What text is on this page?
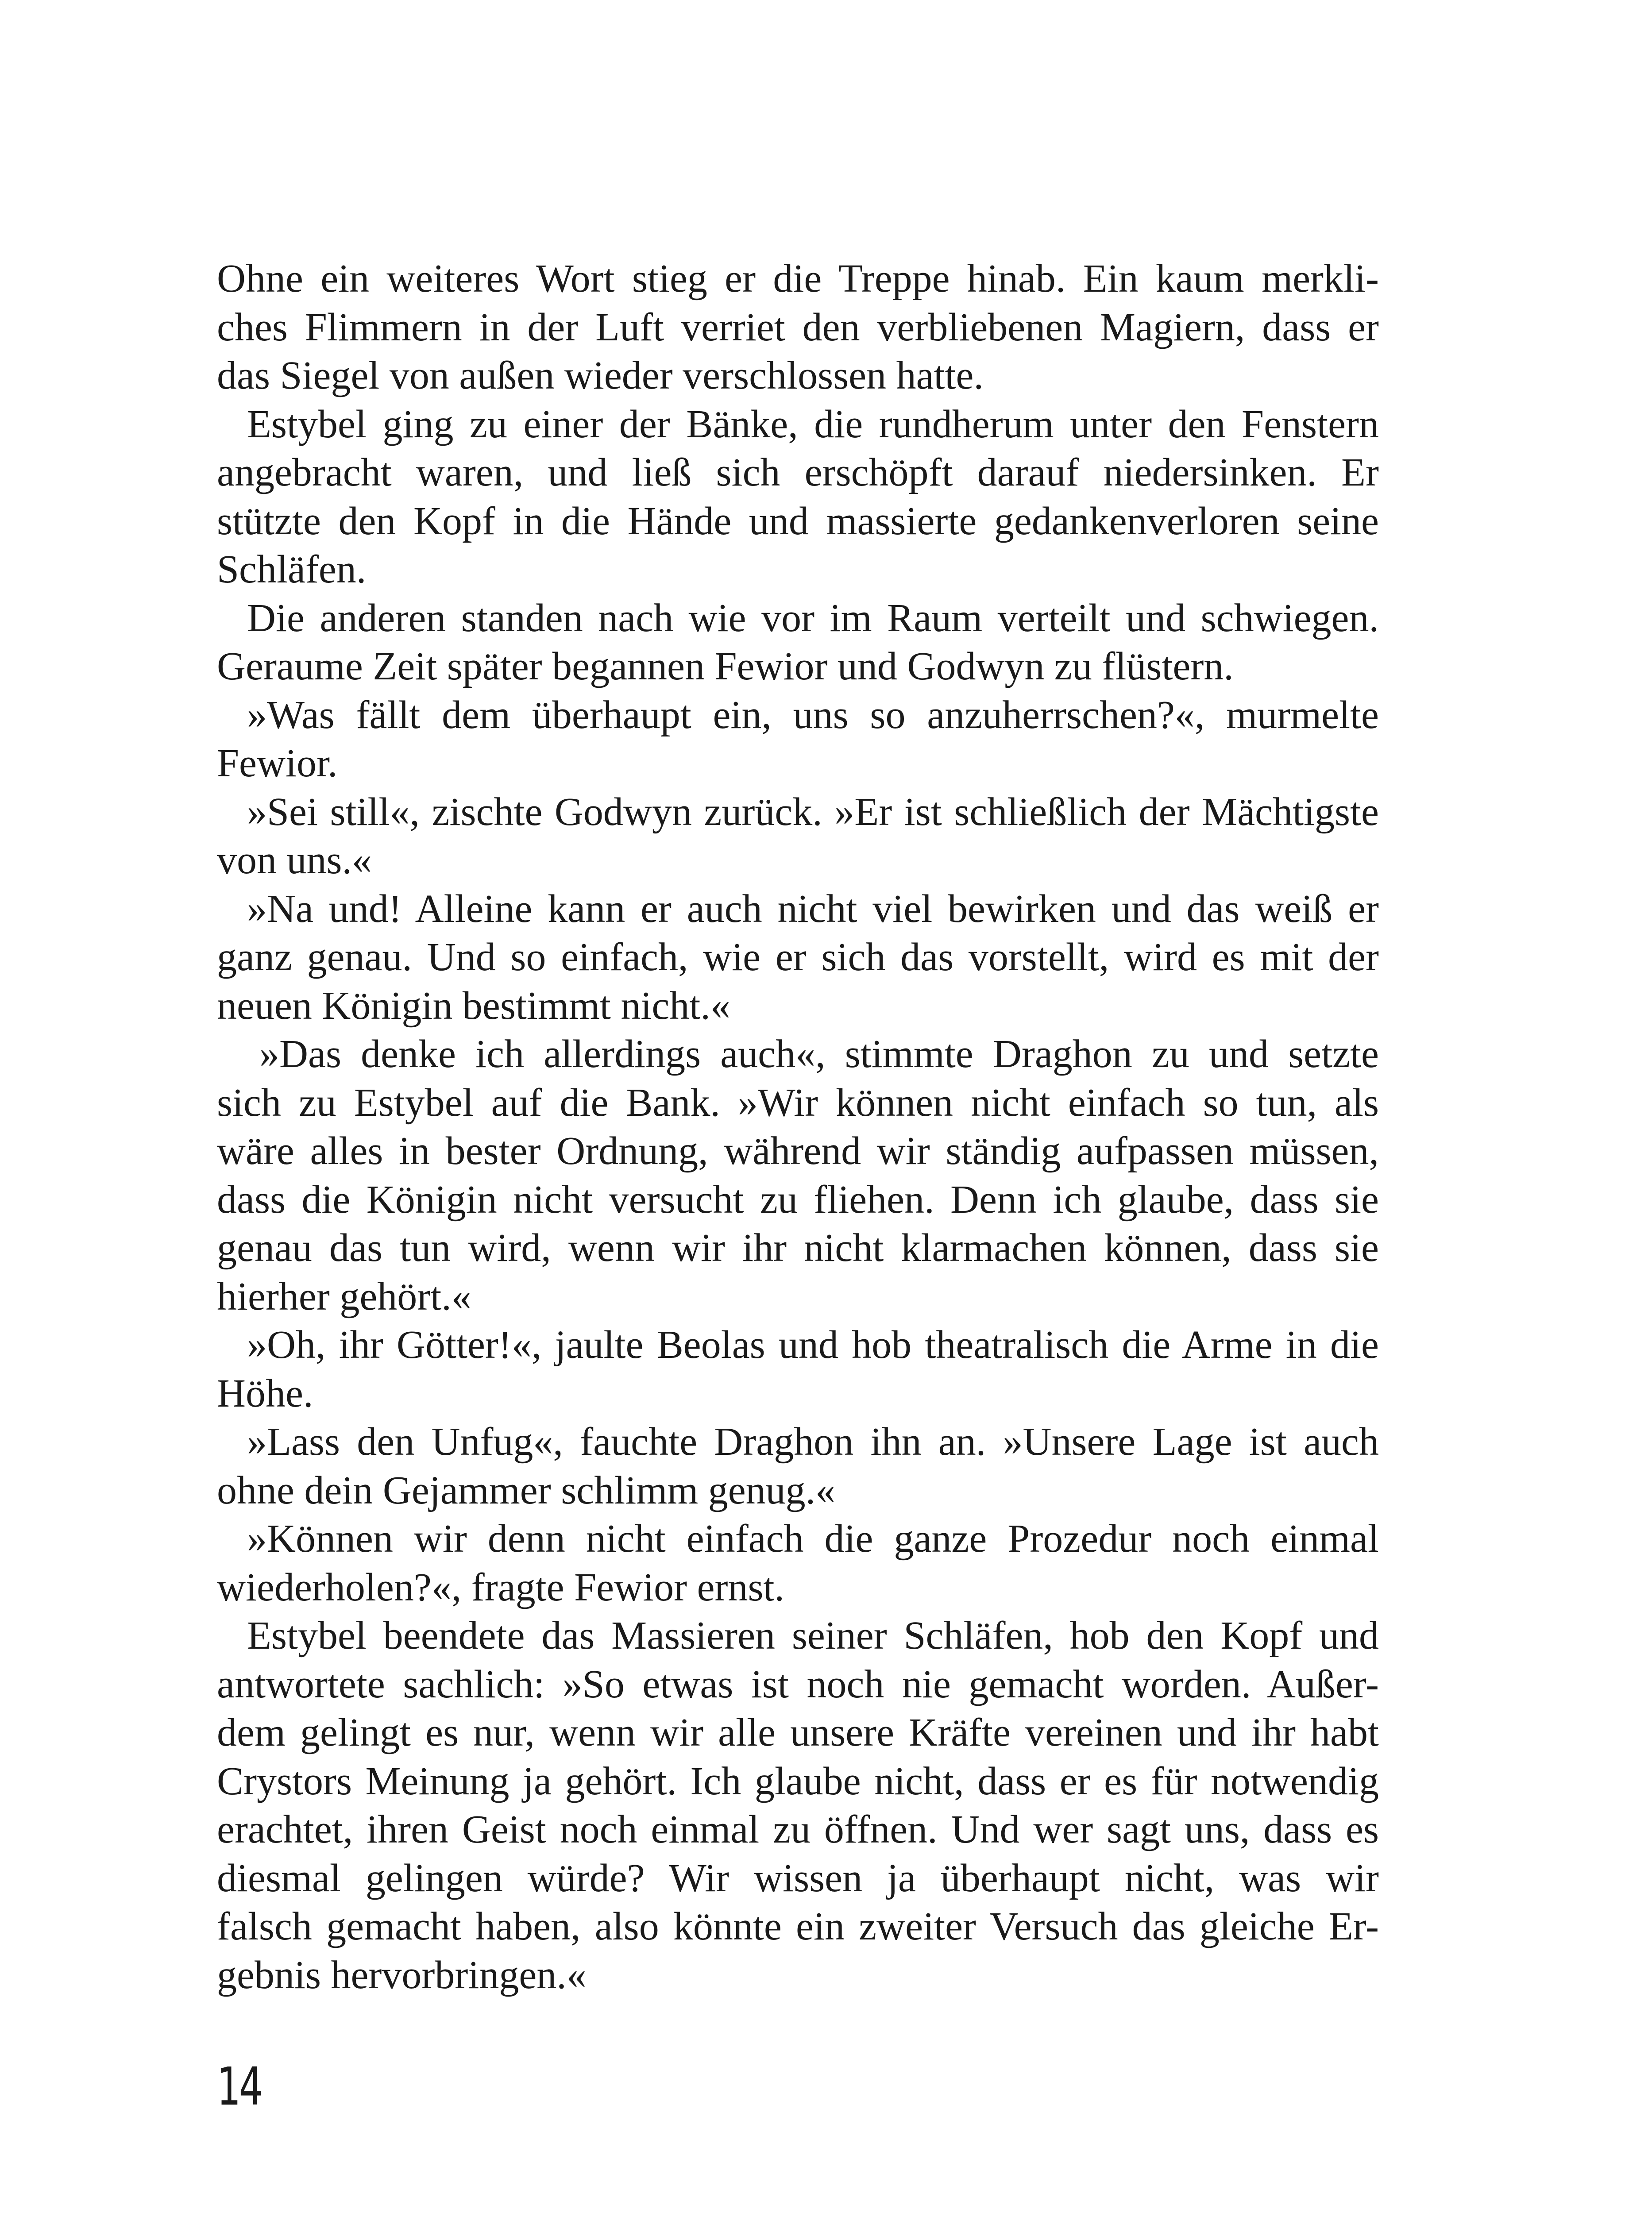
Ohne ein weiteres Wort stieg er die Treppe hinab. Ein kaum merkli-
ches Flimmern in der Luft verriet den verbliebenen Magiern, dass er
das Siegel von außen wieder verschlossen hatte.
Estybel ging zu einer der Bänke, die rundherum unter den Fenstern
angebracht waren, und ließ sich erschöpft darauf niedersinken. Er
stützte den Kopf in die Hände und massierte gedankenverloren seine
Schläfen.
Die anderen standen nach wie vor im Raum verteilt und schwiegen.
Geraume Zeit später begannen Fewior und Godwyn zu flüstern.
»Was fällt dem überhaupt ein, uns so anzuherrschen?«, murmelte
Fewior.
»Sei still«, zischte Godwyn zurück. »Er ist schließlich der Mächtigste
von uns.«
»Na und! Alleine kann er auch nicht viel bewirken und das weiß er
ganz genau. Und so einfach, wie er sich das vorstellt, wird es mit der
neuen Königin bestimmt nicht.«
»Das denke ich allerdings auch«, stimmte Draghon zu und setzte
sich zu Estybel auf die Bank. »Wir können nicht einfach so tun, als
wäre alles in bester Ordnung, während wir ständig aufpassen müssen,
dass die Königin nicht versucht zu fliehen. Denn ich glaube, dass sie
genau das tun wird, wenn wir ihr nicht klarmachen können, dass sie
hierher gehört.«
»Oh, ihr Götter!«, jaulte Beolas und hob theatralisch die Arme in die
Höhe.
»Lass den Unfug«, fauchte Draghon ihn an. »Unsere Lage ist auch
ohne dein Gejammer schlimm genug.«
»Können wir denn nicht einfach die ganze Prozedur noch einmal
wiederholen?«, fragte Fewior ernst.
Estybel beendete das Massieren seiner Schläfen, hob den Kopf und
antwortete sachlich: »So etwas ist noch nie gemacht worden. Außer-
dem gelingt es nur, wenn wir alle unsere Kräfte vereinen und ihr habt
Crystors Meinung ja gehört. Ich glaube nicht, dass er es für notwendig
erachtet, ihren Geist noch einmal zu öffnen. Und wer sagt uns, dass es
diesmal gelingen würde? Wir wissen ja überhaupt nicht, was wir
falsch gemacht haben, also könnte ein zweiter Versuch das gleiche Er-
gebnis hervorbringen.«
14
